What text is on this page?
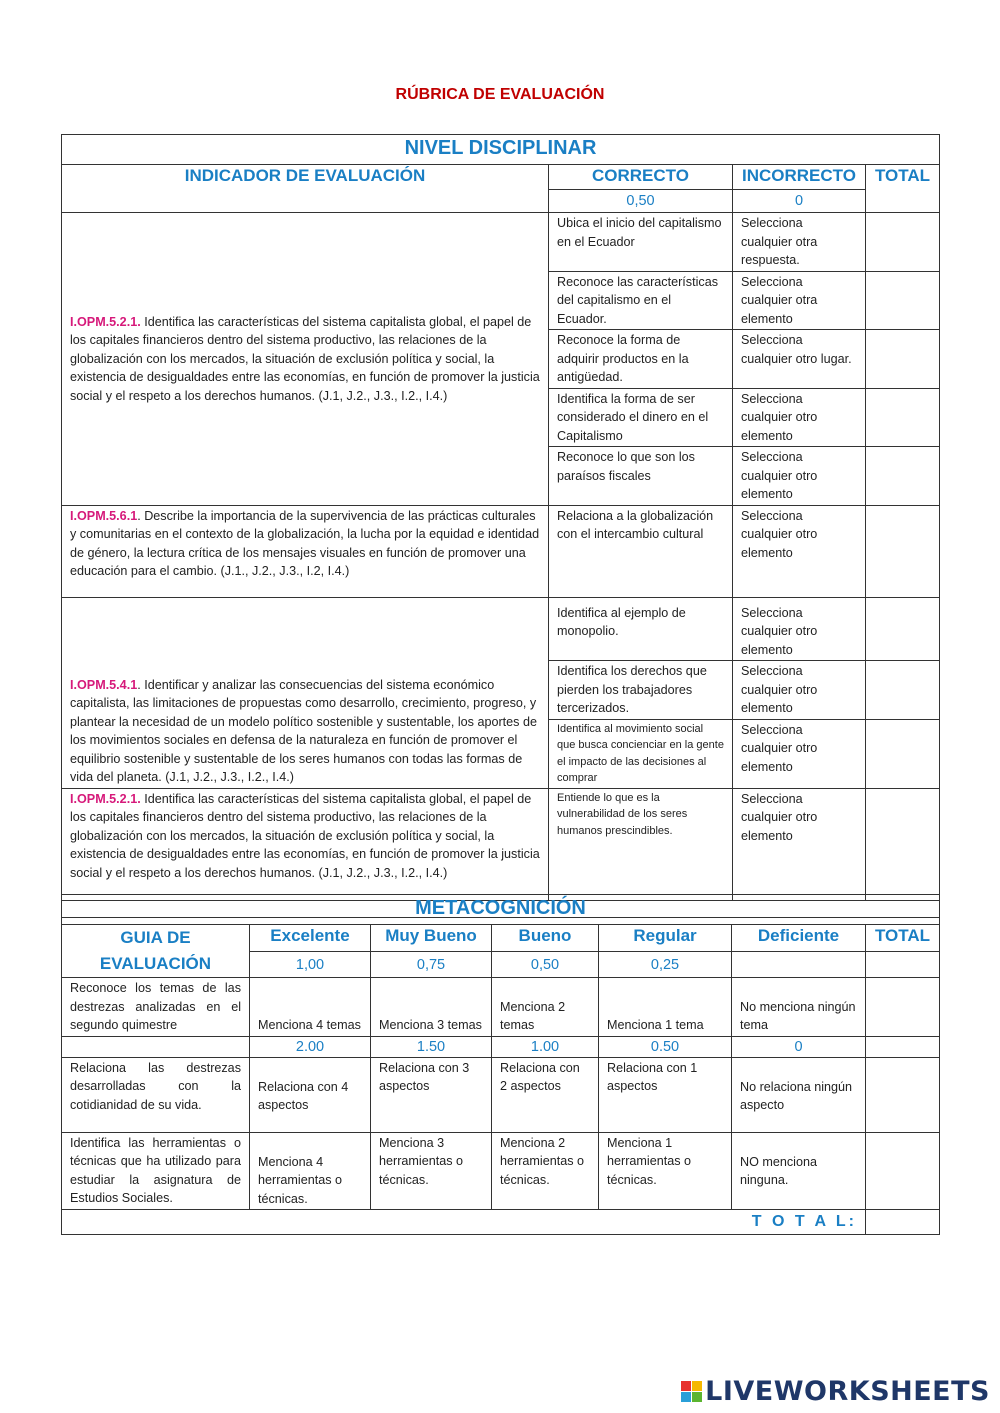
RÚBRICA DE EVALUACIÓN
NIVEL DISCIPLINAR			
INDICADOR DE EVALUACIÓN	CORRECTO	INCORRECTO	TOTAL
	0,50	0	
I.OPM.5.2.1. Identifica las características del sistema capitalista global, el papel de los capitales financieros dentro del sistema productivo, las relaciones de la globalización con los mercados, la situación de exclusión política y social, la existencia de desigualdades entre las economías, en función de promover la justicia social y el respeto a los derechos humanos. (J.1, J.2., J.3., I.2., I.4.)	Ubica el inicio del capitalismo en el Ecuador	Selecciona cualquier otra respuesta.	
	Reconoce las características del capitalismo en el Ecuador.	Selecciona cualquier otra elemento	
	Reconoce la forma de adquirir productos en la antigüedad.	Selecciona cualquier otro lugar.	
	Identifica la forma de ser considerado el dinero en el Capitalismo	Selecciona cualquier otro elemento	
	Reconoce lo que son los paraísos fiscales	Selecciona cualquier otro elemento	
I.OPM.5.6.1. Describe la importancia de la supervivencia de las prácticas culturales y comunitarias en el contexto de la globalización, la lucha por la equidad e identidad de género, la lectura crítica de los mensajes visuales en función de promover una educación para el cambio. (J.1., J.2., J.3., I.2, I.4.)	Relaciona a la globalización con el intercambio cultural	Selecciona cualquier otro elemento	
I.OPM.5.4.1. Identificar y analizar las consecuencias del sistema económico capitalista, las limitaciones de propuestas como desarrollo, crecimiento, progreso, y plantear la necesidad de un modelo político sostenible y sustentable, los aportes de los movimientos sociales en defensa de la naturaleza en función de promover el equilibrio sostenible y sustentable de los seres humanos con todas las formas de vida del planeta. (J.1, J.2., J.3., I.2., I.4.)	Identifica al ejemplo de monopolio.	Selecciona cualquier otro elemento	
	Identifica los derechos que pierden los trabajadores tercerizados.	Selecciona cualquier otro elemento	
	Identifica al movimiento social que busca concienciar en la gente el impacto de las decisiones al comprar	Selecciona cualquier otro elemento	
I.OPM.5.2.1. Identifica las características del sistema capitalista global, el papel de los capitales financieros dentro del sistema productivo, las relaciones de la globalización con los mercados, la situación de exclusión política y social, la existencia de desigualdades entre las economías, en función de promover la justicia social y el respeto a los derechos humanos. (J.1, J.2., J.3., I.2., I.4.)	Entiende lo que es la vulnerabilidad de los seres humanos prescindibles.	Selecciona cualquier otro elemento	

METACOGNICIÓN						
GUIA DE EVALUACIÓN	Excelente	Muy Bueno	Bueno	Regular	Deficiente	TOTAL
	1,00	0,75	0,50	0,25		
Reconoce los temas de las destrezas analizadas en el segundo quimestre	Menciona 4 temas	Menciona 3 temas	Menciona 2 temas	Menciona 1 tema	No menciona ningún tema	
	2.00	1.50	1.00	0.50	0	
Relaciona las destrezas desarrolladas con la cotidianidad de su vida.	Relaciona con 4 aspectos	Relaciona con 3 aspectos	Relaciona con 2 aspectos	Relaciona con 1 aspectos	No relaciona ningún aspecto	
Identifica las herramientas o técnicas que ha utilizado para estudiar la asignatura de Estudios Sociales.	Menciona 4 herramientas o técnicas.	Menciona 3 herramientas o técnicas.	Menciona 2 herramientas o técnicas.	Menciona 1 herramientas o técnicas.	NO menciona ninguna.	
T O T A L:						
LIVEWORKSHEETS
